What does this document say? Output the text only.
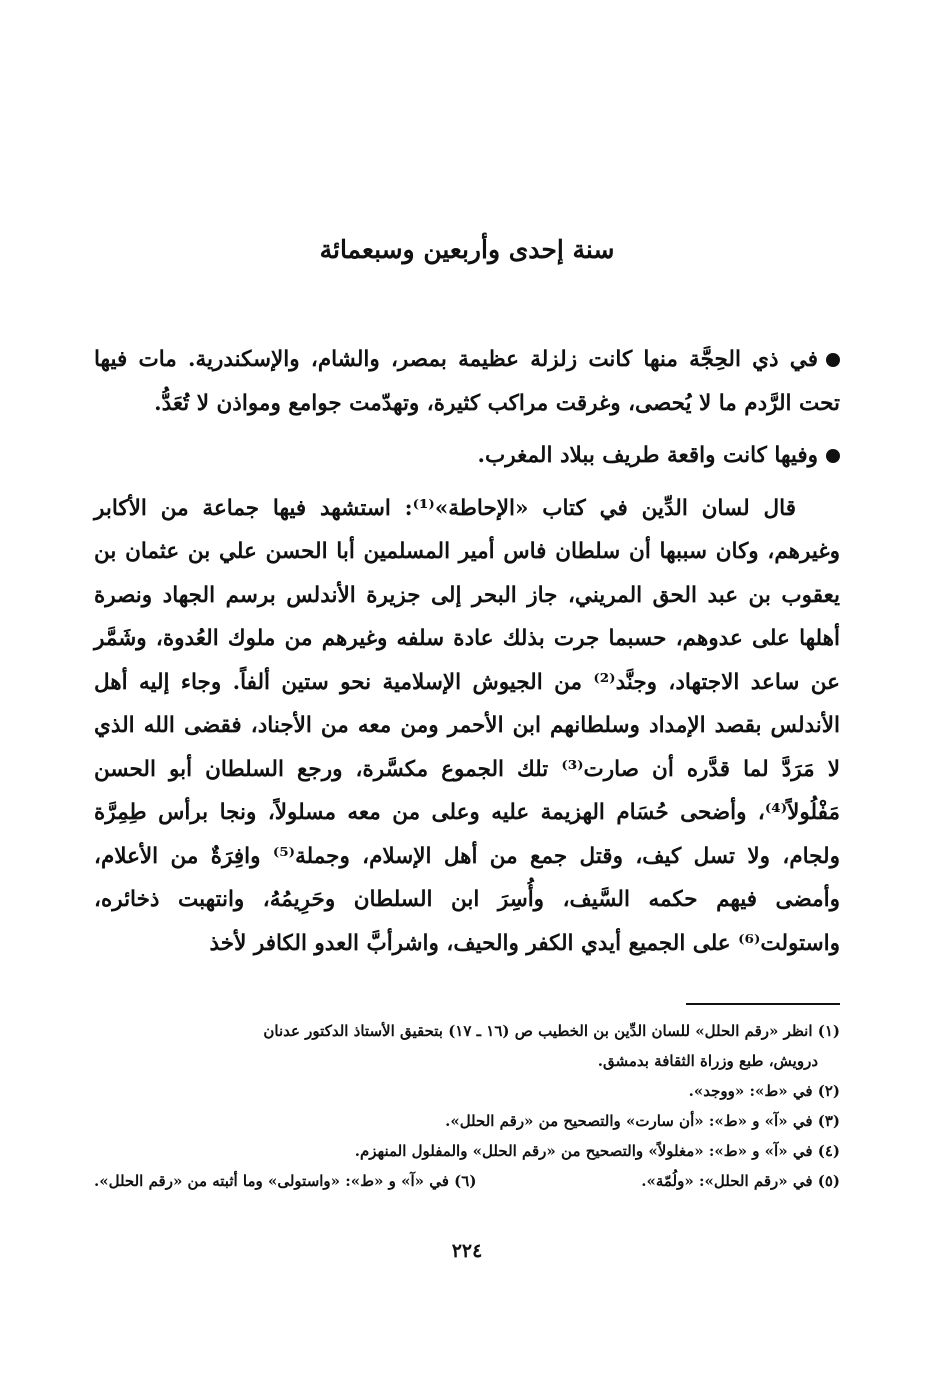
سنة إحدى وأربعين وسبعمائة

في ذي الحِجَّة منها كانت زلزلة عظيمة بمصر، والشام، والإسكندرية. مات فيها تحت الرَّدم ما لا يُحصى، وغرقت مراكب كثيرة، وتهدّمت جوامع ومواذن لا تُعَدُّ.

وفيها كانت واقعة طريف ببلاد المغرب.

قال لسان الدِّين في كتاب «الإحاطة»⁽¹⁾: استشهد فيها جماعة من الأكابر وغيرهم، وكان سببها أن سلطان فاس أمير المسلمين أبا الحسن علي بن عثمان بن يعقوب بن عبد الحق المريني، جاز البحر إلى جزيرة الأندلس برسم الجهاد ونصرة أهلها على عدوهم، حسبما جرت بذلك عادة سلفه وغيرهم من ملوك العُدوة، وشَمَّر عن ساعد الاجتهاد، وجنَّد⁽²⁾ من الجيوش الإسلامية نحو ستين ألفاً. وجاء إليه أهل الأندلس بقصد الإمداد وسلطانهم ابن الأحمر ومن معه من الأجناد، فقضى الله الذي لا مَرَدَّ لما قدَّره أن صارت⁽³⁾ تلك الجموع مكسَّرة، ورجع السلطان أبو الحسن مَفْلُولاً⁽⁴⁾، وأضحى حُسَام الهزيمة عليه وعلى من معه مسلولاً، ونجا برأس طِمِرَّة ولجام، ولا تسل كيف، وقتل جمع من أهل الإسلام، وجملة⁽⁵⁾ وافِرَةٌ من الأعلام، وأمضى فيهم حكمه السَّيف، وأُسِرَ ابن السلطان وحَرِيمُهُ، وانتهبت ذخائره، واستولت⁽⁶⁾ على الجميع أيدي الكفر والحيف، واشرأبَّ العدو الكافر لأخذ

(١) انظر «رقم الحلل» للسان الدِّين بن الخطيب ص (١٦ ـ ١٧) بتحقيق الأستاذ الدكتور عدنان

درويش، طبع وزراة الثقافة بدمشق.

(٢) في «ط»: «ووجد».

(٣) في «آ» و «ط»: «أن سارت» والتصحيح من «رقم الحلل».

(٤) في «آ» و «ط»: «مغلولاً» والتصحيح من «رقم الحلل» والمفلول المنهزم.

(٥) في «رقم الحلل»: «ولُمّة».
(٦) في «آ» و «ط»: «واستولى» وما أثبته من «رقم الحلل».
٢٢٤
